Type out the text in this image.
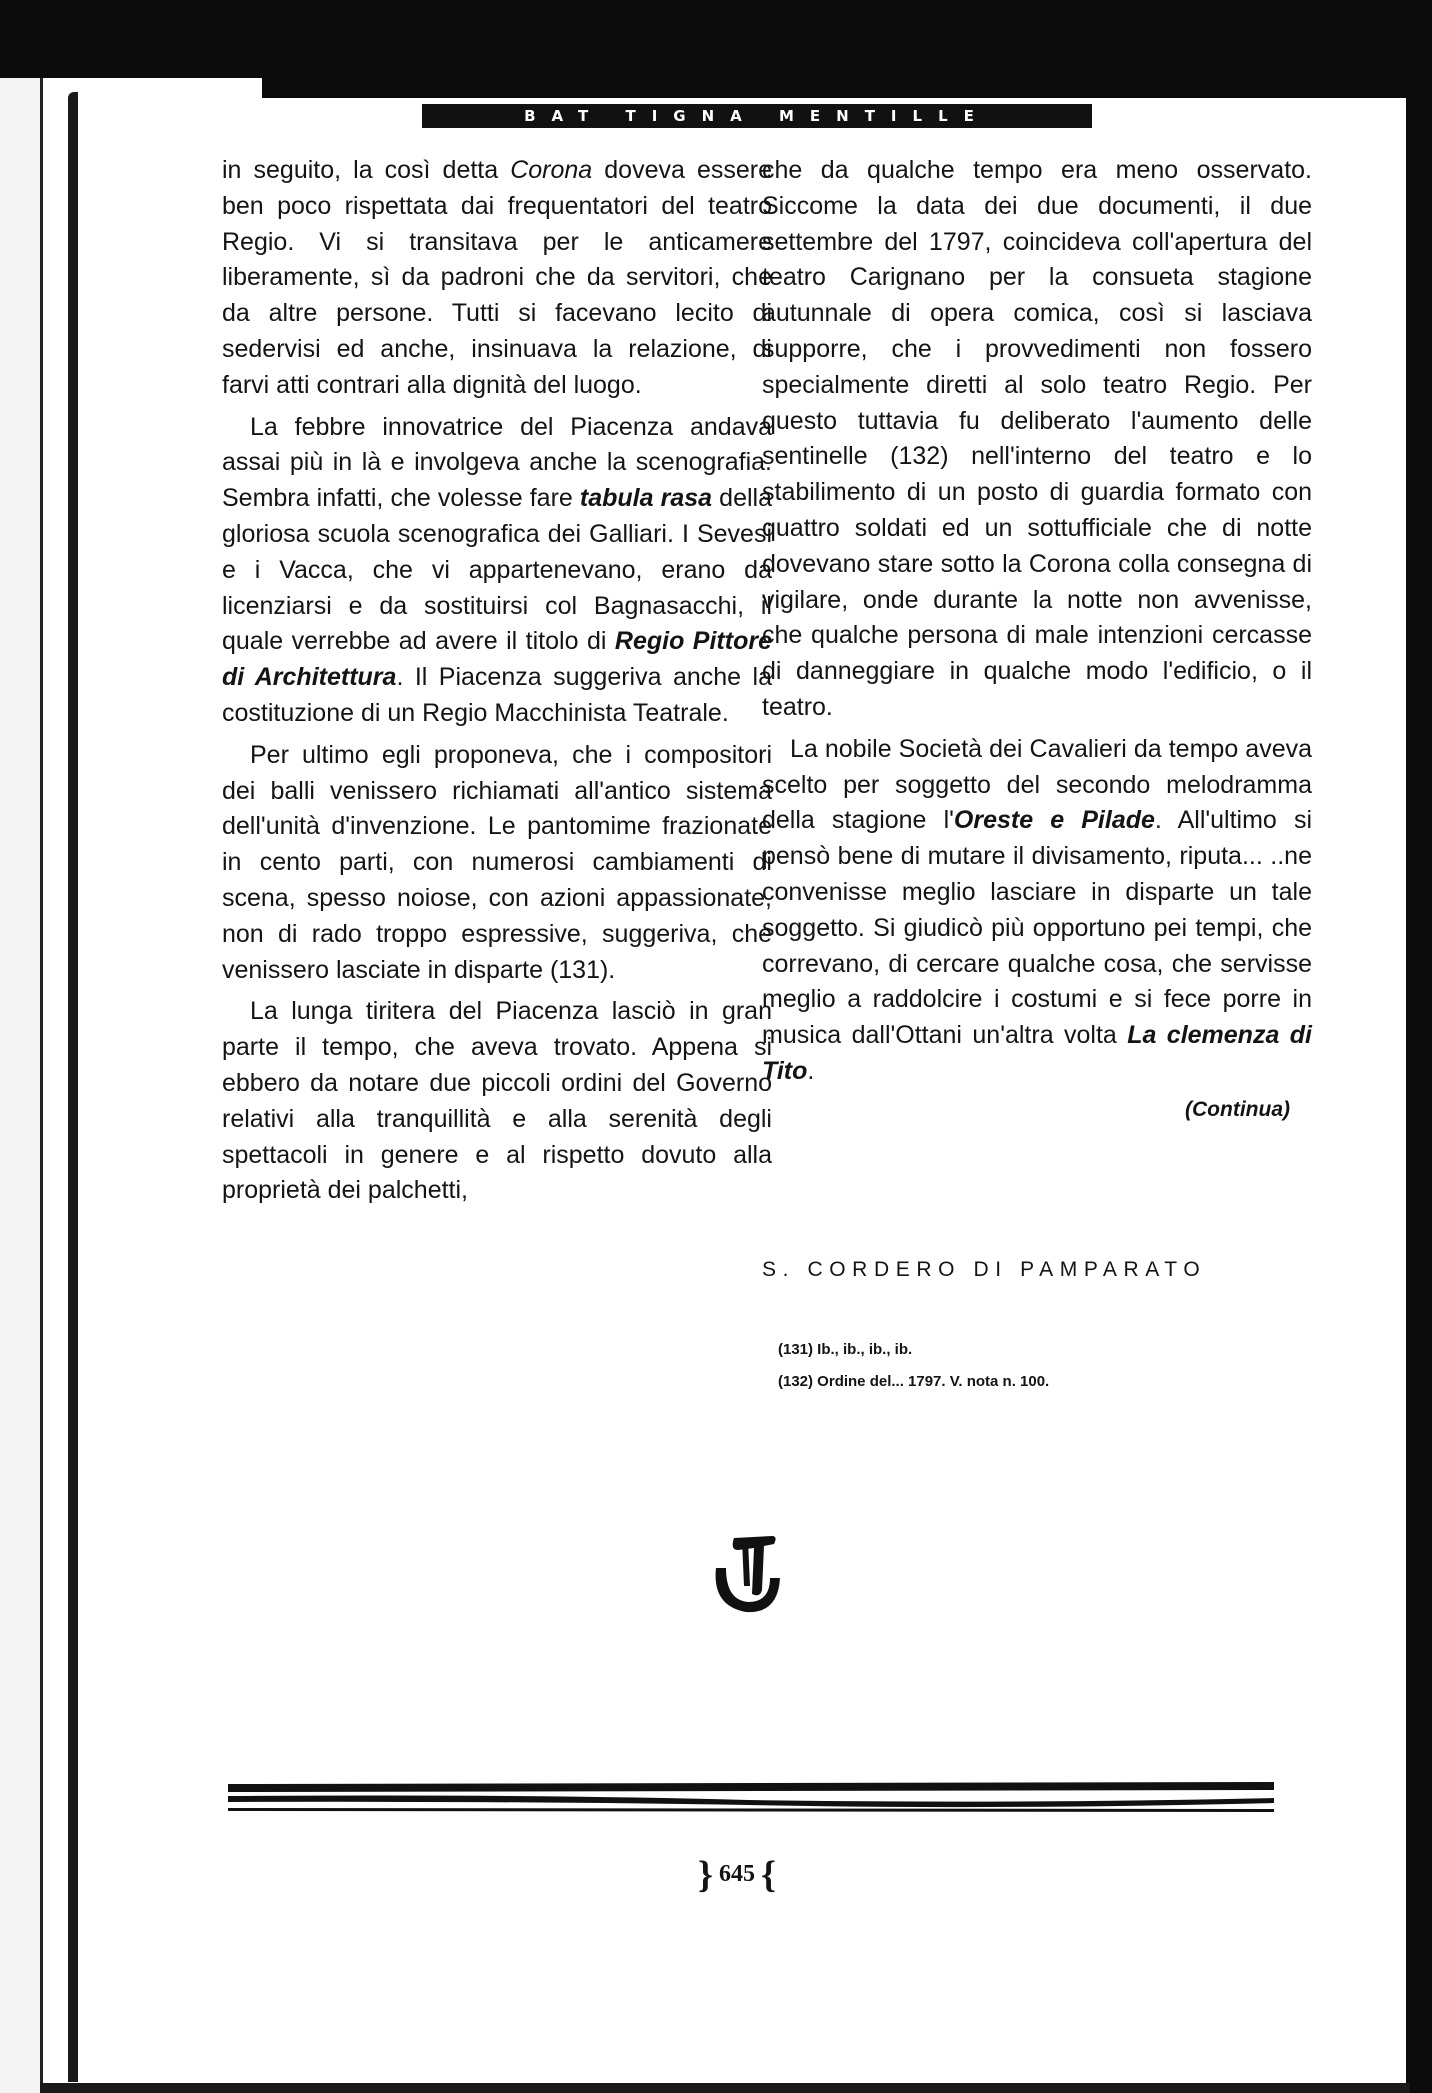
BAT TIGNA MENTILLE

in seguito, la così detta Corona doveva essere ben poco rispettata dai frequentatori del teatro Regio. Vi si transitava per le anticamere liberamente, sì da padroni che da servitori, che da altre persone. Tutti si facevano lecito di sedervisi ed anche, insinuava la relazione, di farvi atti contrari alla dignità del luogo.

La febbre innovatrice del Piacenza andava assai più in là e involgeva anche la scenografia. Sembra infatti, che volesse fare tabula rasa della gloriosa scuola scenografica dei Galliari. I Sevesi e i Vacca, che vi appartenevano, erano da licenziarsi e da sostituirsi col Bagnasacchi, il quale verrebbe ad avere il titolo di Regio Pittore di Architettura. Il Piacenza suggeriva anche la costituzione di un Regio Macchinista Teatrale.

Per ultimo egli proponeva, che i compositori dei balli venissero richiamati all'antico sistema dell'unità d'invenzione. Le pantomime frazionate in cento parti, con numerosi cambiamenti di scena, spesso noiose, con azioni appassionate, non di rado troppo espressive, suggeriva, che venissero lasciate in disparte (131).

La lunga tiritera del Piacenza lasciò in gran parte il tempo, che aveva trovato. Appena si ebbero da notare due piccoli ordini del Governo relativi alla tranquillità e alla serenità degli spettacoli in genere e al rispetto dovuto alla proprietà dei palchetti,

che da qualche tempo era meno osservato. Siccome la data dei due documenti, il due settembre del 1797, coincideva coll'apertura del teatro Carignano per la consueta stagione autunnale di opera comica, così si lasciava supporre, che i provvedimenti non fossero specialmente diretti al solo teatro Regio. Per questo tuttavia fu deliberato l'aumento delle sentinelle (132) nell'interno del teatro e lo stabilimento di un posto di guardia formato con quattro soldati ed un sottufficiale che di notte dovevano stare sotto la Corona colla consegna di vigilare, onde durante la notte non avvenisse, che qualche persona di male intenzioni cercasse di danneggiare in qualche modo l'edificio, o il teatro.

La nobile Società dei Cavalieri da tempo aveva scelto per soggetto del secondo melodramma della stagione l'Oreste e Pilade. All'ultimo si pensò bene di mutare il divisamento, riputa... ..ne convenisse meglio lasciare in disparte un tale soggetto. Si giudicò più opportuno pei tempi, che correvano, di cercare qualche cosa, che servisse meglio a raddolcire i costumi e si fece porre in musica dall'Ottani un'altra volta La clemenza di Tito.

(Continua)
S. CORDERO DI PAMPARATO
(131) Ib., ib., ib., ib.
(132) Ordine del... 1797. V. nota n. 100.
} 645 {
